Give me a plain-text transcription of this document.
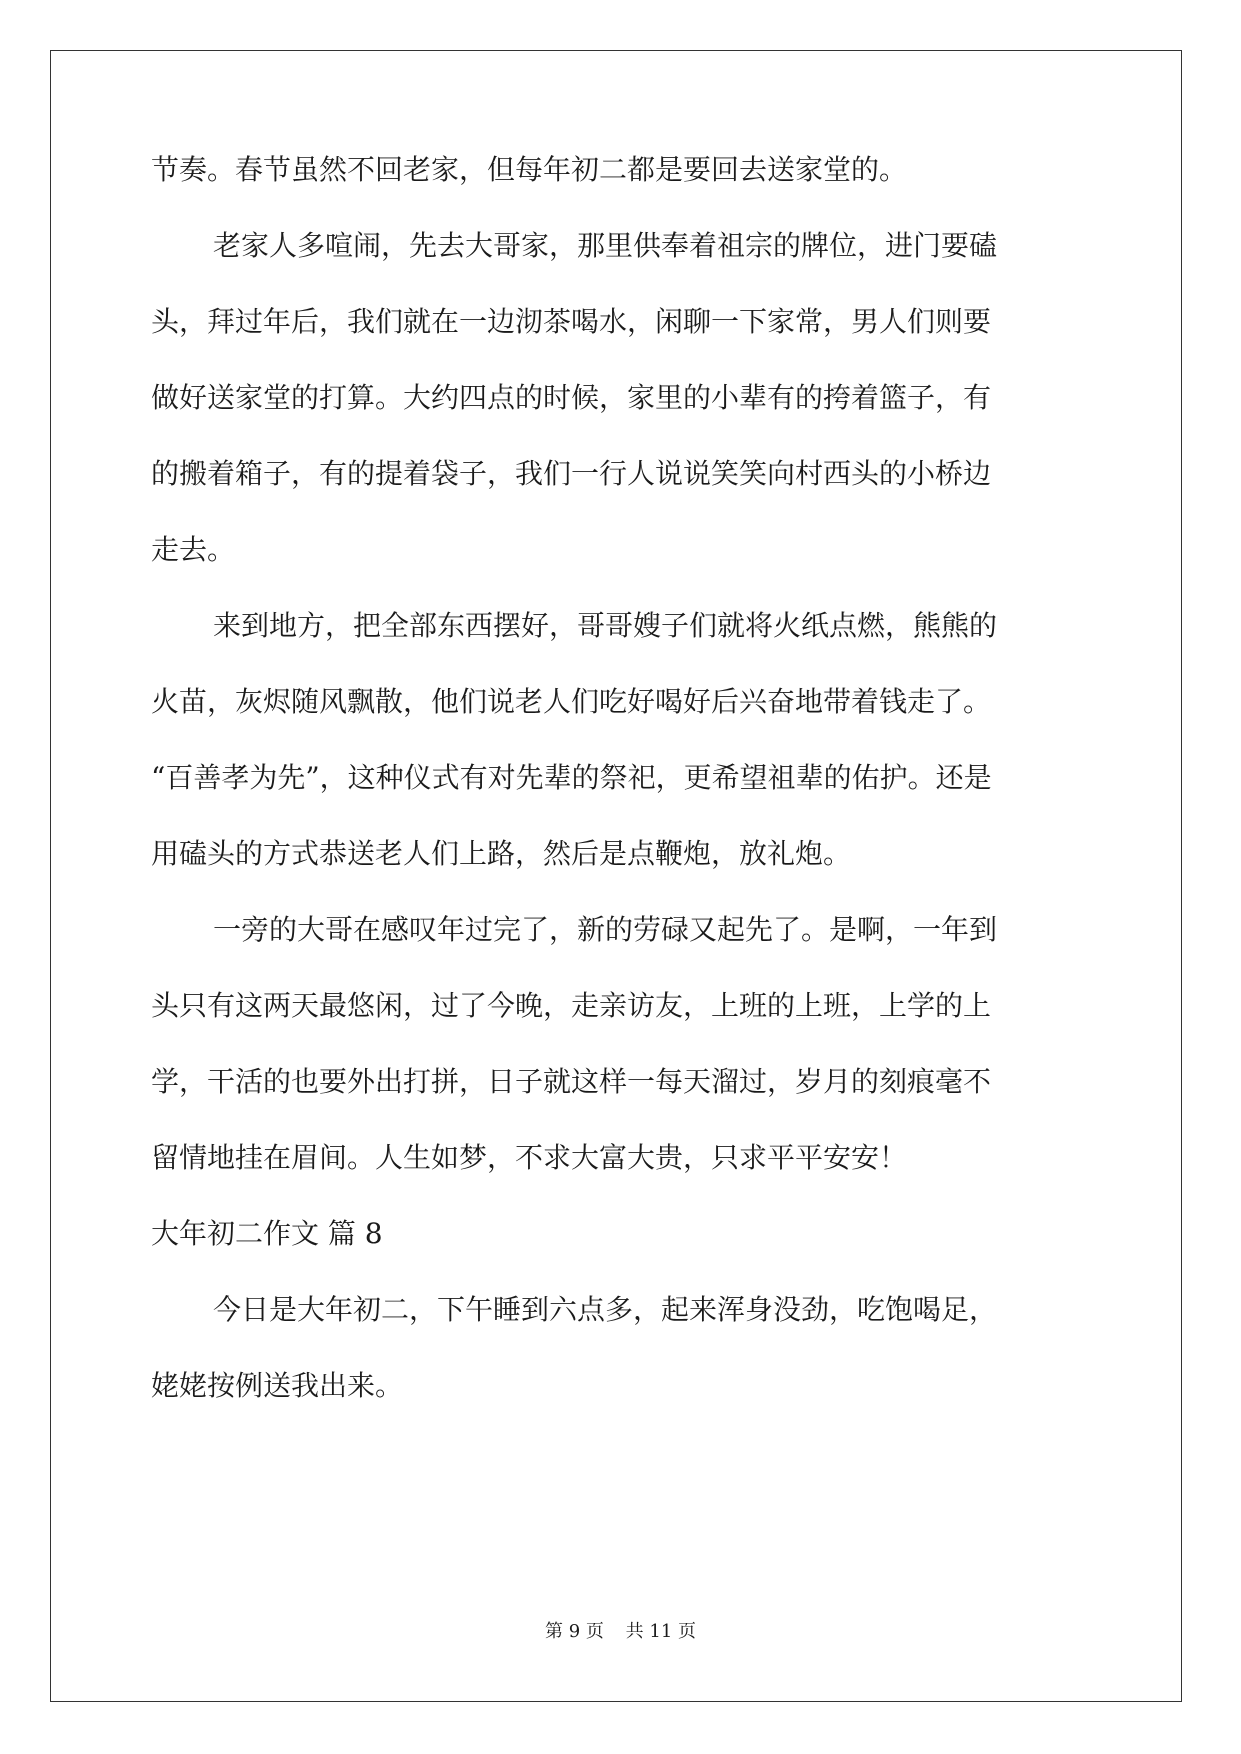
节奏。春节虽然不回老家，但每年初二都是要回去送家堂的。
老家人多喧闹，先去大哥家，那里供奉着祖宗的牌位，进门要磕
头，拜过年后，我们就在一边沏茶喝水，闲聊一下家常，男人们则要
做好送家堂的打算。大约四点的时候，家里的小辈有的挎着篮子，有
的搬着箱子，有的提着袋子，我们一行人说说笑笑向村西头的小桥边
走去。
来到地方，把全部东西摆好，哥哥嫂子们就将火纸点燃，熊熊的
火苗，灰烬随风飘散，他们说老人们吃好喝好后兴奋地带着钱走了。
“百善孝为先”，这种仪式有对先辈的祭祀，更希望祖辈的佑护。还是
用磕头的方式恭送老人们上路，然后是点鞭炮，放礼炮。
一旁的大哥在感叹年过完了，新的劳碌又起先了。是啊，一年到
头只有这两天最悠闲，过了今晚，走亲访友，上班的上班，上学的上
学，干活的也要外出打拼，日子就这样一每天溜过，岁月的刻痕毫不
留情地挂在眉间。人生如梦，不求大富大贵，只求平平安安！
大年初二作文 篇 8
今日是大年初二，下午睡到六点多，起来浑身没劲，吃饱喝足，
姥姥按例送我出来。
第 9 页 共 11 页
